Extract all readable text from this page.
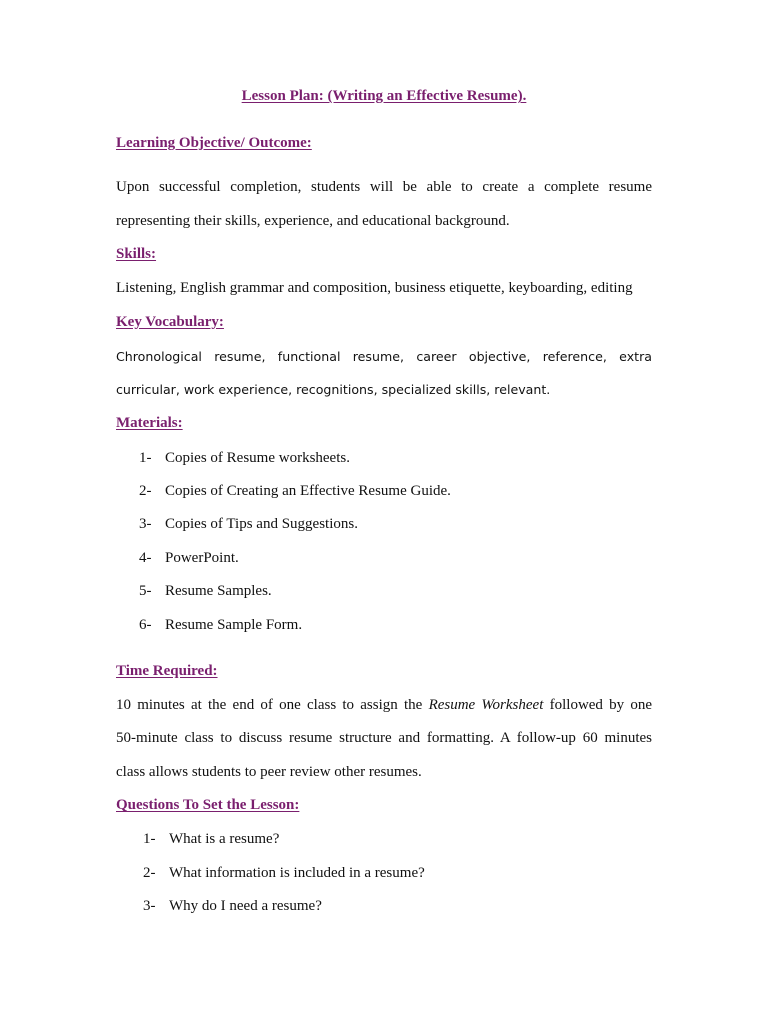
Lesson Plan: (Writing an Effective Resume).
Learning Objective/ Outcome:
Upon successful completion, students will be able to create a complete resume
representing their skills, experience, and educational background.
Skills:
Listening, English grammar and composition, business etiquette, keyboarding, editing
Key Vocabulary:
Chronological resume, functional resume, career objective, reference, extra
curricular, work experience, recognitions, specialized skills, relevant.
Materials:
1- Copies of Resume worksheets.
2- Copies of Creating an Effective Resume Guide.
3- Copies of Tips and Suggestions.
4- PowerPoint.
5- Resume Samples.
6- Resume Sample Form.
Time Required:
10 minutes at the end of one class to assign the Resume Worksheet followed by one
50-minute class to discuss resume structure and formatting. A follow-up 60 minutes
class allows students to peer review other resumes.
Questions To Set the Lesson:
1- What is a resume?
2- What information is included in a resume?
3- Why do I need a resume?
